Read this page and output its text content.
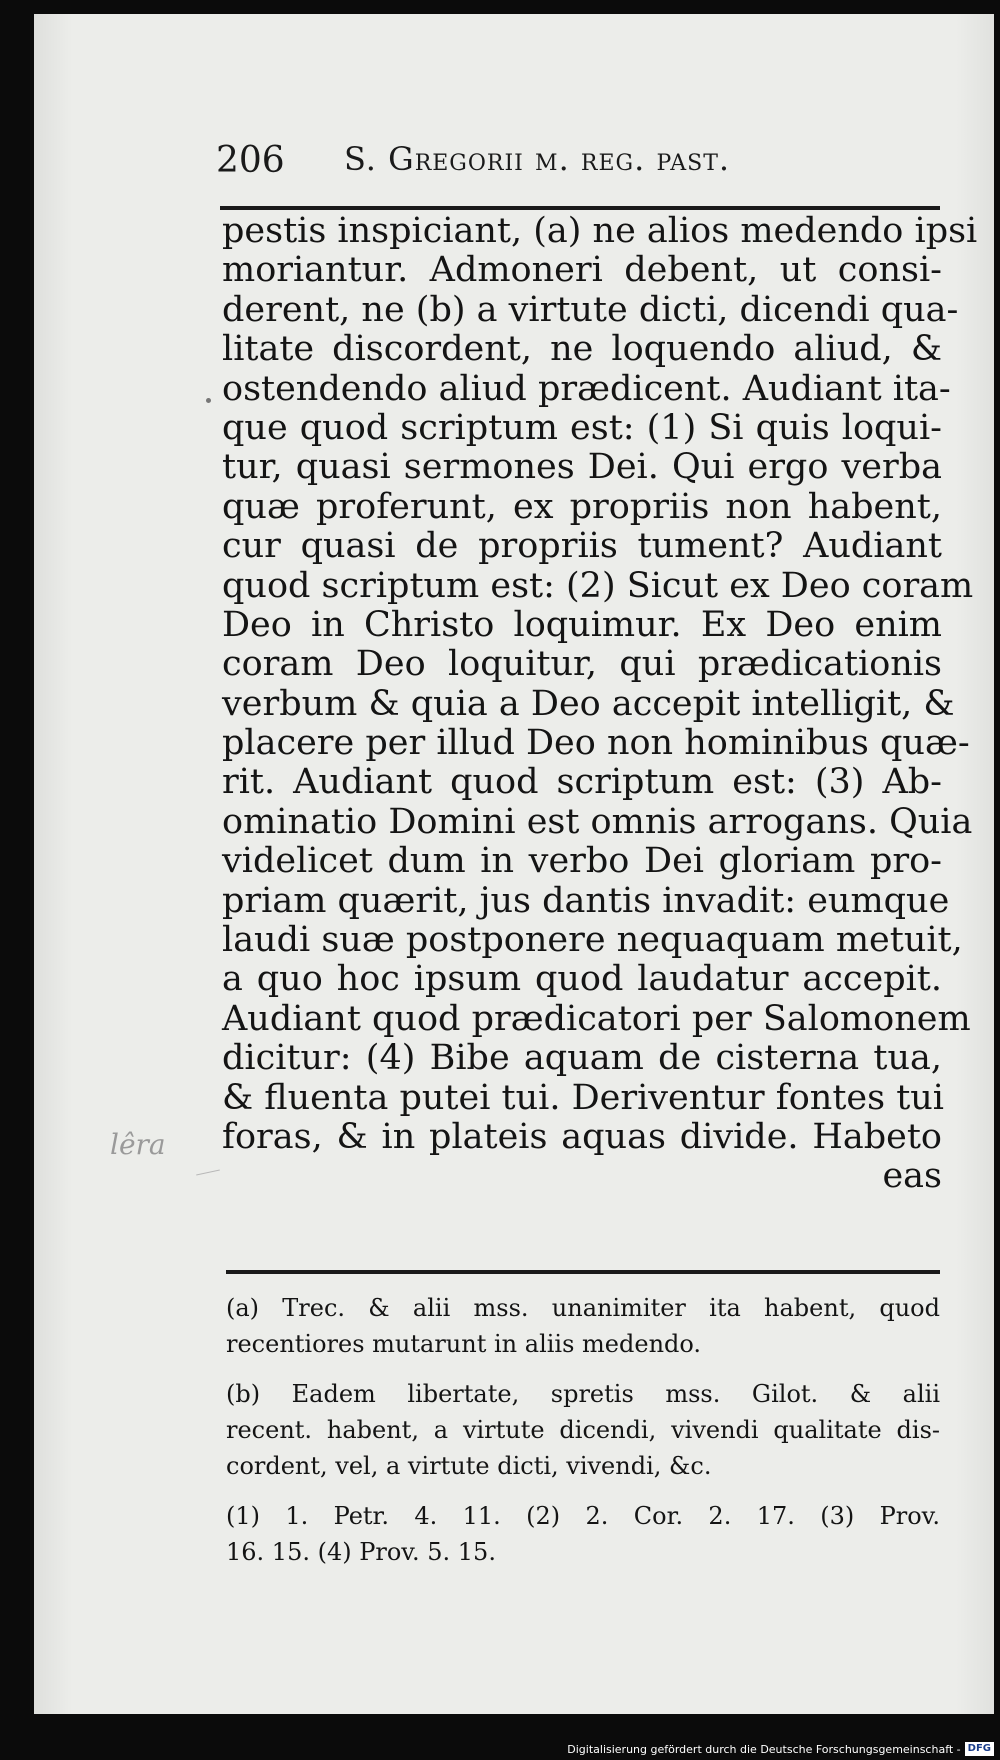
206 S. Gregorii m. reg. past.
pestis inspiciant, (a) ne alios medendo ipsi
moriantur. Admoneri debent, ut consi-
derent, ne (b) a virtute dicti, dicendi qua-
litate discordent, ne loquendo aliud, &
ostendendo aliud prædicent. Audiant ita-
que quod scriptum est: (1) Si quis loqui-
tur, quasi sermones Dei. Qui ergo verba
quæ proferunt, ex propriis non habent,
cur quasi de propriis tument? Audiant
quod scriptum est: (2) Sicut ex Deo coram
Deo in Christo loquimur. Ex Deo enim
coram Deo loquitur, qui prædicationis
verbum & quia a Deo accepit intelligit, &
placere per illud Deo non hominibus quæ-
rit. Audiant quod scriptum est: (3) Ab-
ominatio Domini est omnis arrogans. Quia
videlicet dum in verbo Dei gloriam pro-
priam quærit, jus dantis invadit: eumque
laudi suæ postponere nequaquam metuit,
a quo hoc ipsum quod laudatur accepit.
Audiant quod prædicatori per Salomonem
dicitur: (4) Bibe aquam de cisterna tua,
& fluenta putei tui. Deriventur fontes tui
foras, & in plateis aquas divide. Habeto
eas
lêra
(a) Trec. & alii mss. unanimiter ita habent, quod
recentiores mutarunt in aliis medendo.
(b) Eadem libertate, spretis mss. Gilot. & alii
recent. habent, a virtute dicendi, vivendi qualitate dis-
cordent, vel, a virtute dicti, vivendi, &c.
(1) 1. Petr. 4. 11. (2) 2. Cor. 2. 17. (3) Prov.
16. 15. (4) Prov. 5. 15.
Digitalisierung gefördert durch die Deutsche Forschungsgemeinschaft - DFG
